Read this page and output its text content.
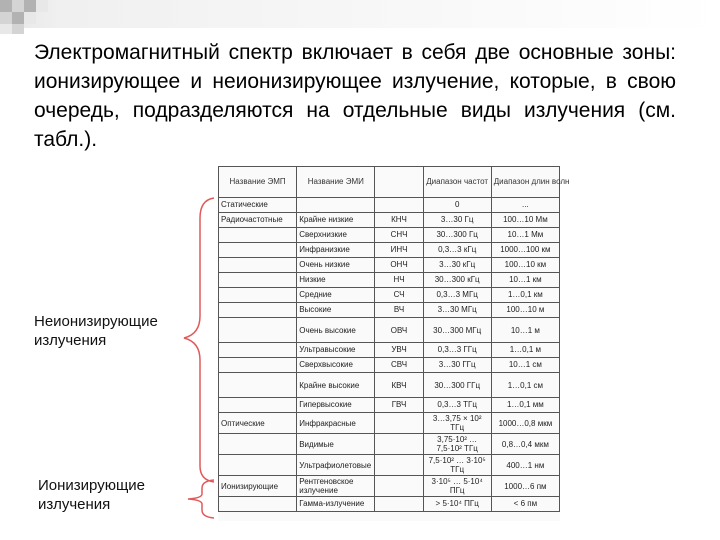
Электромагнитный спектр включает в себя две основные зоны: ионизирующее и неионизирующее излучение, которые, в свою очередь, подразделяются на отдельные виды излучения (см. табл.).

Неионизирующие излучения
Ионизирующие излучения
Название ЭМП	Название ЭМИ		Диапазон частот	Диапазон длин волн
Статические			0	...
Радиочастотные	Крайне низкие	КНЧ	3…30 Гц	100…10 Мм
	Сверхнизкие	СНЧ	30…300 Гц	10…1 Мм
	Инфранизкие	ИНЧ	0,3…3 кГц	1000…100 км
	Очень низкие	ОНЧ	3…30 кГц	100…10 км
	Низкие	НЧ	30…300 кГц	10…1 км
	Средние	СЧ	0,3…3 МГц	1…0,1 км
	Высокие	ВЧ	3…30 МГц	100…10 м
	Очень высокие	ОВЧ	30…300 МГц	10…1 м
	Ультравысокие	УВЧ	0,3…3 ГГц	1…0,1 м
	Сверхвысокие	СВЧ	3…30 ГГц	10…1 см
	Крайне высокие	КВЧ	30…300 ГГц	1…0,1 см
	Гипервысокие	ГВЧ	0,3…3 ТГц	1…0,1 мм
Оптические	Инфракрасные		3…3,75 × 10² ТГц	1000…0,8 мкм
	Видимые		3,75·10² … 7,5·10² ТГц	0,8…0,4 мкм
	Ультрафиолетовые		7,5·10² … 3·10⁵ ТГц	400…1 нм
Ионизирующие	Рентгеновское излучение		3·10⁵ … 5·10⁴ ПГц	1000…6 пм
	Гамма-излучение		> 5·10⁴ ПГц	< 6 пм
